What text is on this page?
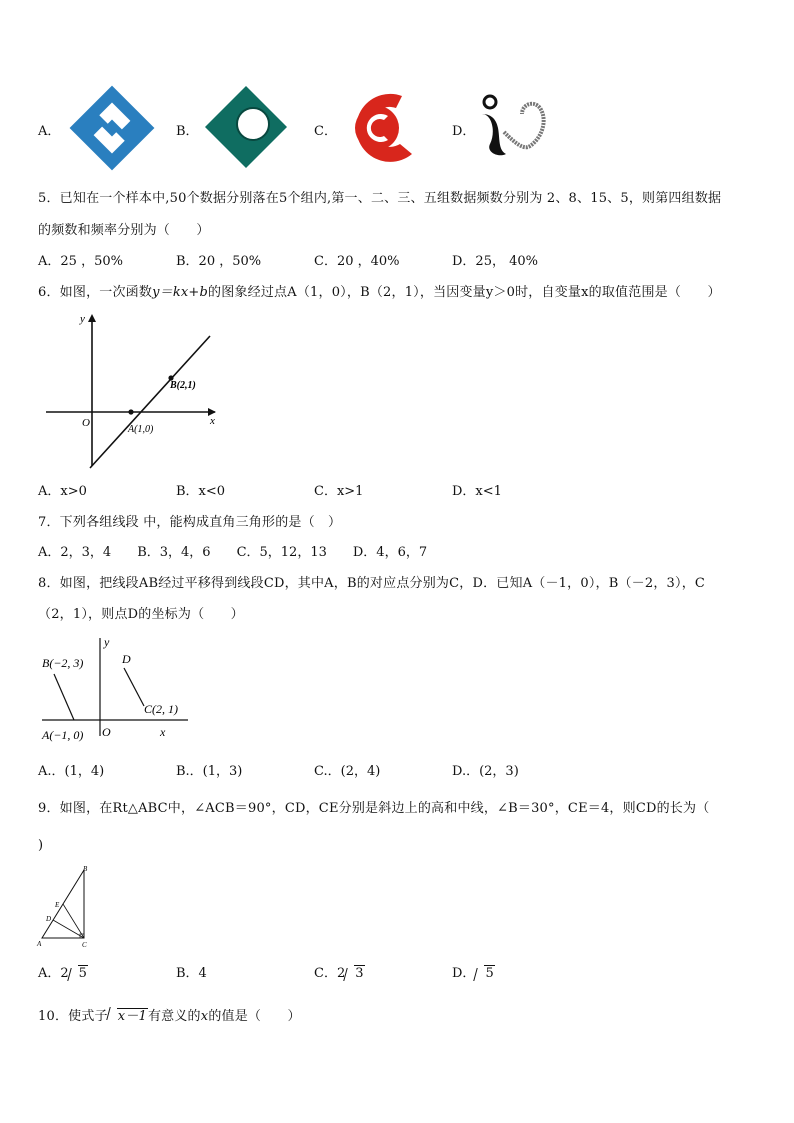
A．	B．	C．	D．
5．已知在一个样本中,50个数据分别落在5个组内,第一、二、三、五组数据频数分别为 2、8、15、5，则第四组数据
的频数和频率分别为（　　）
A．25 ，50%	B．20 ，50%	C．20 ，40%	D．25， 40%
6．如图，一次函数y＝kx+b的图象经过点A（1，0），B（2，1），当因变量y＞0时，自变量x的取值范围是（　　）
y
x
O
A(1,0)
B(2,1)
A．x>0	B．x<0	C．x>1	D．x<1
7．下列各组线段 中，能构成直角三角形的是（　）
A．2，3，4　　B．3，4，6　　C．5，12，13　　D．4，6，7
8．如图，把线段AB经过平移得到线段CD，其中A，B的对应点分别为C，D．已知A（－1，0），B（－2，3），C
（2，1），则点D的坐标为（　　）
y
x
O
B(−2, 3)
A(−1, 0)
D
C(2, 1)
A.．(1，4)	B.．(1，3)	C.．(2，4)	D.．(2，3)
9．如图，在Rt△ABC中，∠ACB＝90°，CD，CE分别是斜边上的高和中线，∠B＝30°，CE＝4，则CD的长为（
)
A
B
C
D
E
A．2 5	B．4	C．2 3	D． 5
10．使式子 x－1有意义的x的值是（　　）
